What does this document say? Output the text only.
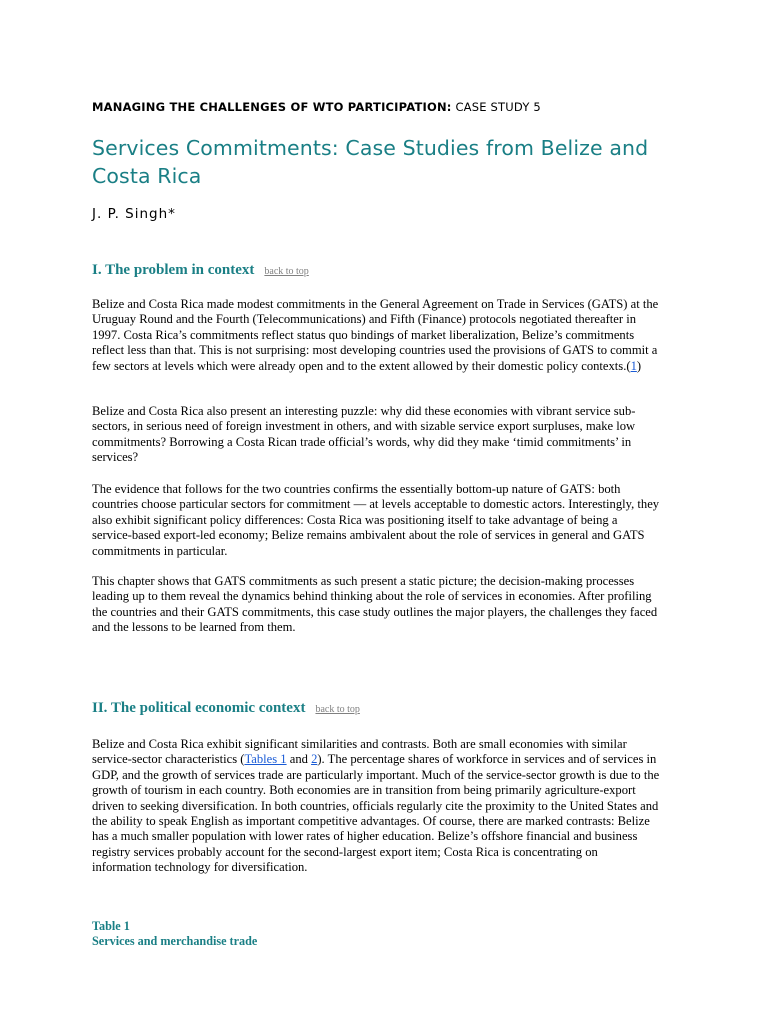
MANAGING THE CHALLENGES OF WTO PARTICIPATION: CASE STUDY 5
Services Commitments: Case Studies from Belize and Costa Rica
J. P. Singh*
I. The problem in context back to top

Belize and Costa Rica made modest commitments in the General Agreement on Trade in Services (GATS) at the Uruguay Round and the Fourth (Telecommunications) and Fifth (Finance) protocols negotiated thereafter in 1997. Costa Rica’s commitments reflect status quo bindings of market liberalization, Belize’s commitments reflect less than that. This is not surprising: most developing countries used the provisions of GATS to commit a few sectors at levels which were already open and to the extent allowed by their domestic policy contexts.(1)

Belize and Costa Rica also present an interesting puzzle: why did these economies with vibrant service sub-sectors, in serious need of foreign investment in others, and with sizable service export surpluses, make low commitments? Borrowing a Costa Rican trade official’s words, why did they make ‘timid commitments’ in services?

The evidence that follows for the two countries confirms the essentially bottom-up nature of GATS: both countries choose particular sectors for commitment — at levels acceptable to domestic actors. Interestingly, they also exhibit significant policy differences: Costa Rica was positioning itself to take advantage of being a service-based export-led economy; Belize remains ambivalent about the role of services in general and GATS commitments in particular.

This chapter shows that GATS commitments as such present a static picture; the decision-making processes leading up to them reveal the dynamics behind thinking about the role of services in economies. After profiling the countries and their GATS commitments, this case study outlines the major players, the challenges they faced and the lessons to be learned from them.

II. The political economic context back to top

Belize and Costa Rica exhibit significant similarities and contrasts. Both are small economies with similar service-sector characteristics (Tables 1 and 2). The percentage shares of workforce in services and of services in GDP, and the growth of services trade are particularly important. Much of the service-sector growth is due to the growth of tourism in each country. Both economies are in transition from being primarily agriculture-export driven to seeking diversification. In both countries, officials regularly cite the proximity to the United States and the ability to speak English as important competitive advantages. Of course, there are marked contrasts: Belize has a much smaller population with lower rates of higher education. Belize’s offshore financial and business registry services probably account for the second-largest export item; Costa Rica is concentrating on information technology for diversification.

Table 1
Services and merchandise trade
